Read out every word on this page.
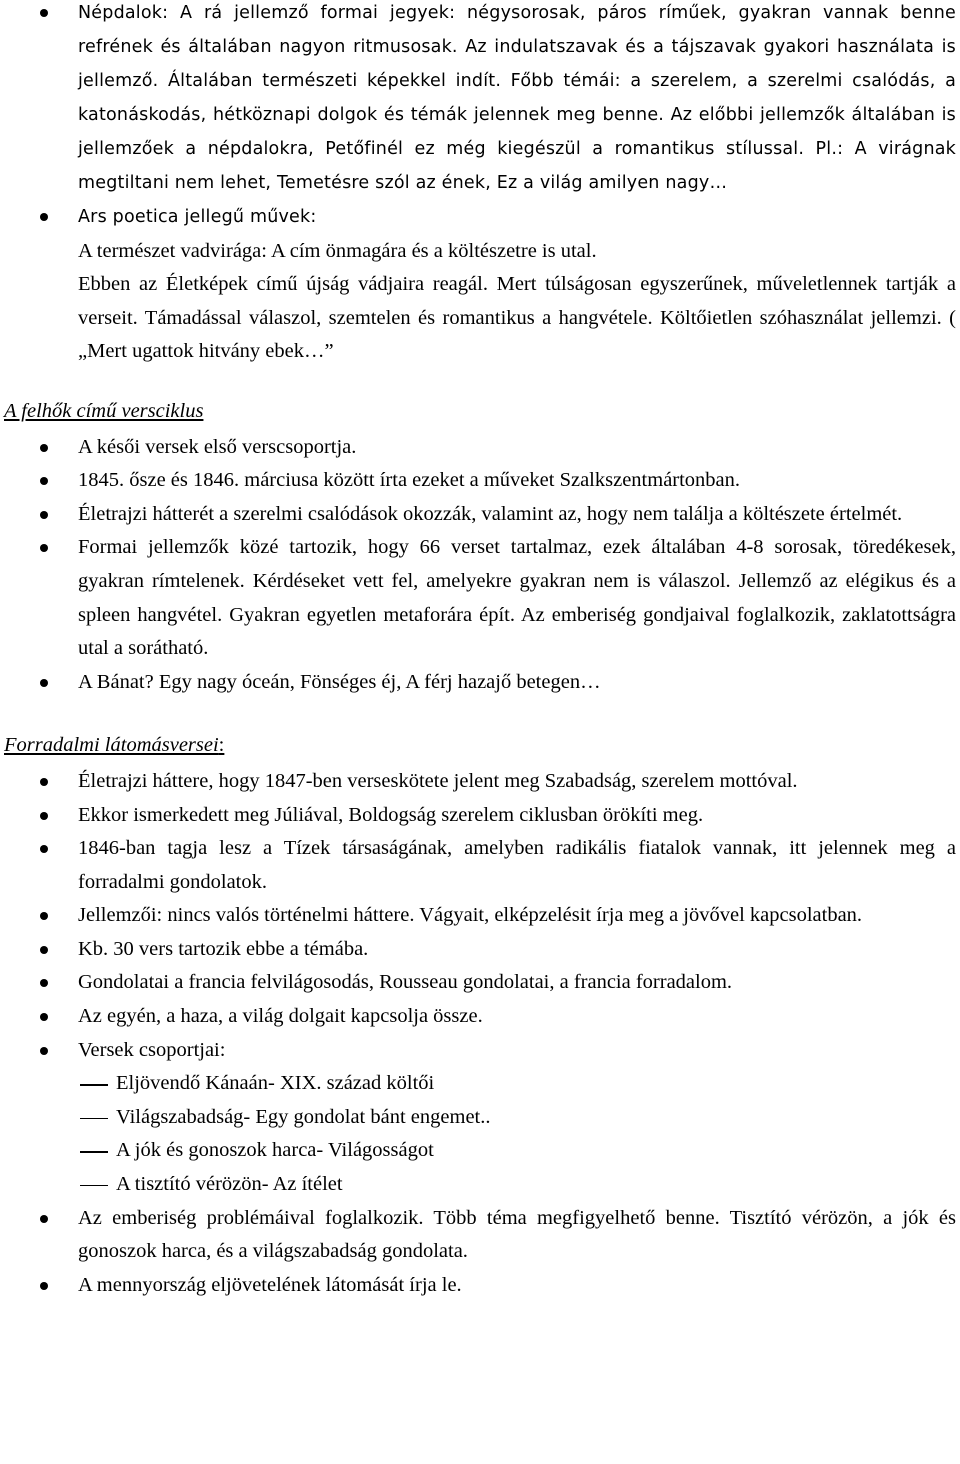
Népdalok: A rá jellemző formai jegyek: négysorosak, páros ríműek, gyakran vannak benne refrének és általában nagyon ritmusosak. Az indulatszavak és a tájszavak gyakori használata is jellemző. Általában természeti képekkel indít. Főbb témái: a szerelem, a szerelmi csalódás, a katonáskodás, hétköznapi dolgok és témák jelennek meg benne. Az előbbi jellemzők általában is jellemzőek a népdalokra, Petőfinél ez még kiegészül a romantikus stílussal. Pl.: A virágnak megtiltani nem lehet, Temetésre szól az ének, Ez a világ amilyen nagy…
Ars poetica jellegű művek:
A természet vadvirága: A cím önmagára és a költészetre is utal.
Ebben az Életképek című újság vádjaira reagál. Mert túlságosan egyszerűnek, műveletlennek tartják a verseit. Támadással válaszol, szemtelen és romantikus a hangvétele. Költőietlen szóhasználat jellemzi. ( „Mert ugattok hitvány ebek…”

A felhők című versciklus

A késői versek első verscsoportja.
1845. ősze és 1846. márciusa között írta ezeket a műveket Szalkszentmártonban.
Életrajzi hátterét a szerelmi csalódások okozzák, valamint az, hogy nem találja a költészete értelmét.
Formai jellemzők közé tartozik, hogy 66 verset tartalmaz, ezek általában 4-8 sorosak, töredékesek, gyakran rímtelenek. Kérdéseket vett fel, amelyekre gyakran nem is válaszol. Jellemző az elégikus és a spleen hangvétel. Gyakran egyetlen metaforára épít. Az emberiség gondjaival foglalkozik, zaklatottságra utal a sorátható.
A Bánat? Egy nagy óceán, Fönséges éj, A férj hazajő betegen…

Forradalmi látomásversei:

Életrajzi háttere, hogy 1847-ben verseskötete jelent meg Szabadság, szerelem mottóval.
Ekkor ismerkedett meg Júliával, Boldogság szerelem ciklusban örökíti meg.
1846-ban tagja lesz a Tízek társaságának, amelyben radikális fiatalok vannak, itt jelennek meg a forradalmi gondolatok.
Jellemzői: nincs valós történelmi háttere. Vágyait, elképzelésit írja meg a jövővel kapcsolatban.
Kb. 30 vers tartozik ebbe a témába.
Gondolatai a francia felvilágosodás, Rousseau gondolatai, a francia forradalom.
Az egyén, a haza, a világ dolgait kapcsolja össze.
Versek csoportjai:
Eljövendő Kánaán- XIX. század költői
Világszabadság- Egy gondolat bánt engemet..
A jók és gonoszok harca- Világosságot
A tisztító vérözön- Az ítélet
Az emberiség problémáival foglalkozik. Több téma megfigyelhető benne. Tisztító vérözön, a jók és gonoszok harca, és a világszabadság gondolata.
A mennyország eljövetelének látomását írja le.
